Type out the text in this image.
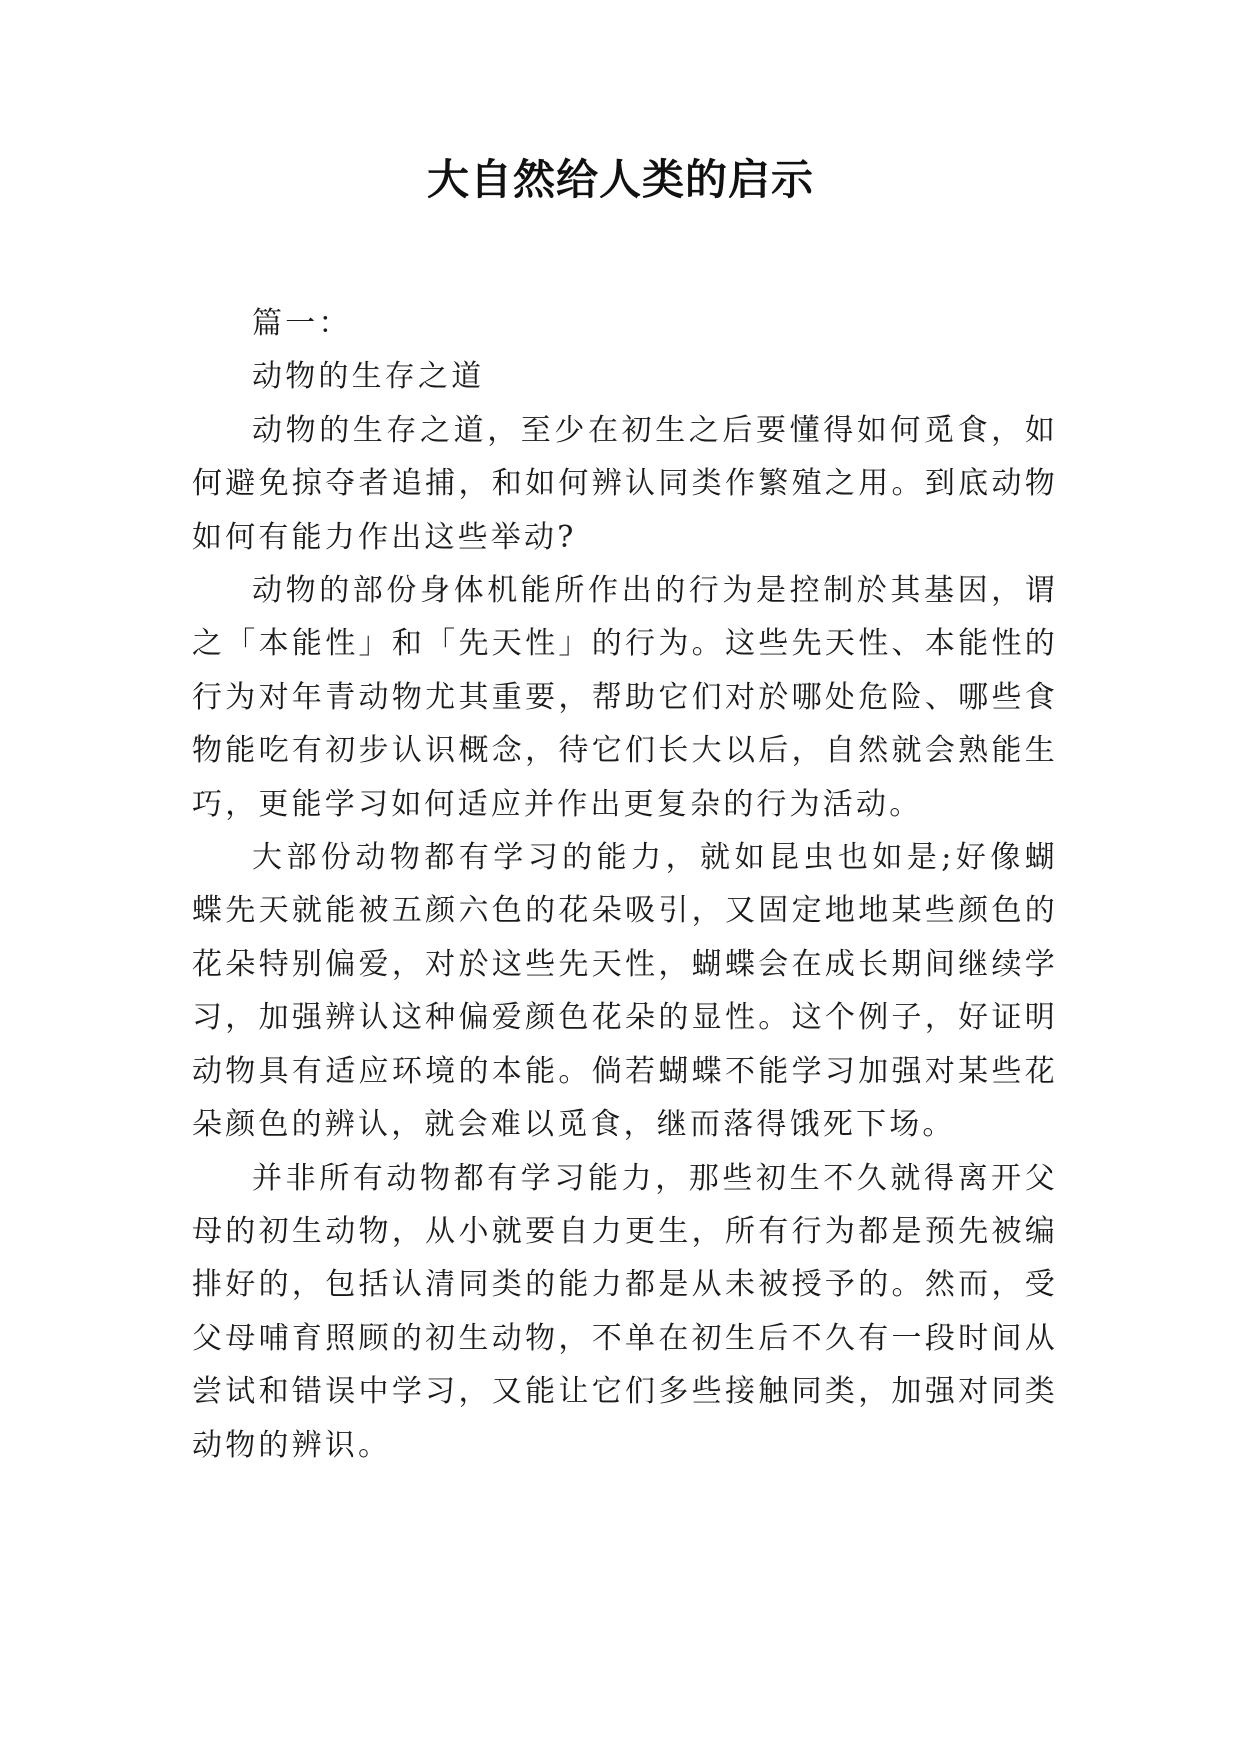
大自然给人类的启示

篇一：

动物的生存之道

动物的生存之道，至少在初生之后要懂得如何觅食，如何避免掠夺者追捕，和如何辨认同类作繁殖之用。到底动物如何有能力作出这些举动?

动物的部份身体机能所作出的行为是控制於其基因，谓之「本能性」和「先天性」的行为。这些先天性、本能性的行为对年青动物尤其重要，帮助它们对於哪处危险、哪些食物能吃有初步认识概念，待它们长大以后，自然就会熟能生巧，更能学习如何适应并作出更复杂的行为活动。

大部份动物都有学习的能力，就如昆虫也如是;好像蝴蝶先天就能被五颜六色的花朵吸引，又固定地地某些颜色的花朵特别偏爱，对於这些先天性，蝴蝶会在成长期间继续学习，加强辨认这种偏爱颜色花朵的显性。这个例子，好证明动物具有适应环境的本能。倘若蝴蝶不能学习加强对某些花朵颜色的辨认，就会难以觅食，继而落得饿死下场。

并非所有动物都有学习能力，那些初生不久就得离开父母的初生动物，从小就要自力更生，所有行为都是预先被编排好的，包括认清同类的能力都是从未被授予的。然而，受父母哺育照顾的初生动物，不单在初生后不久有一段时间从尝试和错误中学习，又能让它们多些接触同类，加强对同类动物的辨识。
